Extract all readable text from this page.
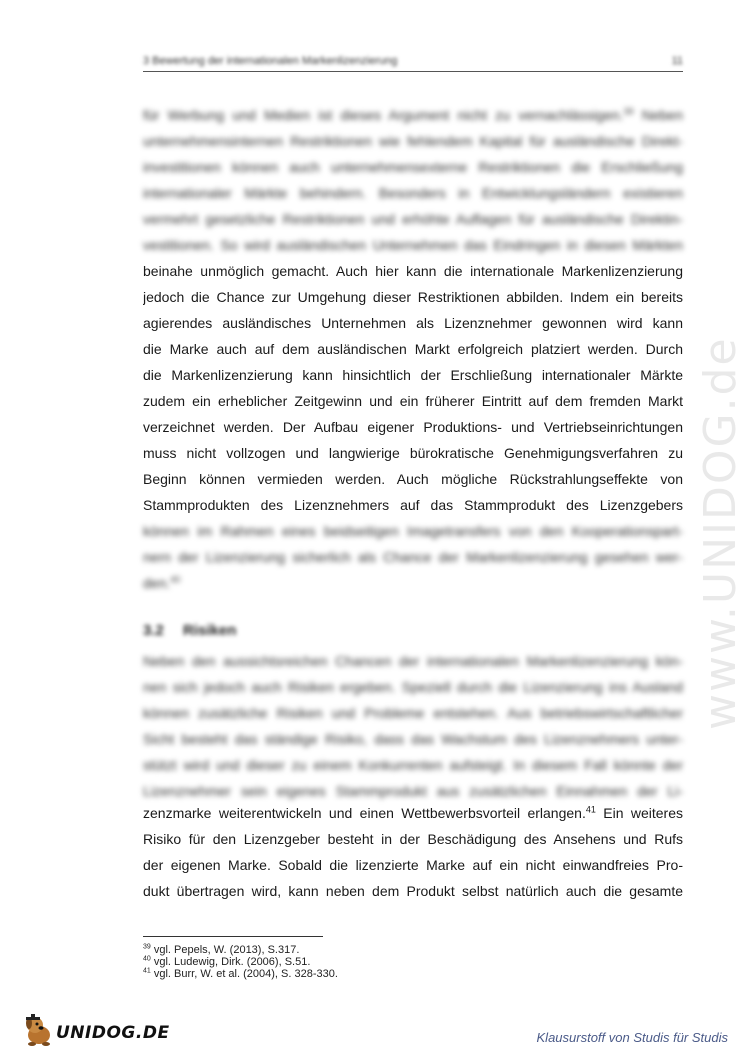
3 Bewertung der internationalen Markenlizenzierung	11
für Werbung und Medien ist dieses Argument nicht zu vernachlässigen.$^{39}$ Neben
unternehmensinternen Restriktionen wie fehlendem Kapital für ausländische Direkt-
investitionen können auch unternehmensexterne Restriktionen die Erschließung
internationaler Märkte behindern. Besonders in Entwicklungsländern existieren
vermehrt gesetzliche Restriktionen und erhöhte Auflagen für ausländische Direktin-
vestitionen. So wird ausländischen Unternehmen das Eindringen in diesen Märkten
beinahe unmöglich gemacht. Auch hier kann die internationale Markenlizenzierung
jedoch die Chance zur Umgehung dieser Restriktionen abbilden. Indem ein bereits
agierendes ausländisches Unternehmen als Lizenznehmer gewonnen wird kann
die Marke auch auf dem ausländischen Markt erfolgreich platziert werden. Durch
die Markenlizenzierung kann hinsichtlich der Erschließung internationaler Märkte
zudem ein erheblicher Zeitgewinn und ein früherer Eintritt auf dem fremden Markt
verzeichnet werden. Der Aufbau eigener Produktions- und Vertriebseinrichtungen
muss nicht vollzogen und langwierige bürokratische Genehmigungsverfahren zu
Beginn können vermieden werden. Auch mögliche Rückstrahlungseffekte von
Stammprodukten des Lizenznehmers auf das Stammprodukt des Lizenzgebers
können im Rahmen eines beidseitigen Imagetransfers von den Kooperationspart-
nern der Lizenzierung sicherlich als Chance der Markenlizenzierung gesehen wer-
den.$^{40}$
3.2 Risiken
Neben den aussichtsreichen Chancen der internationalen Markenlizenzierung kön-
nen sich jedoch auch Risiken ergeben. Speziell durch die Lizenzierung ins Ausland
können zusätzliche Risiken und Probleme entstehen. Aus betriebswirtschaftlicher
Sicht besteht das ständige Risiko, dass das Wachstum des Lizenznehmers unter-
stützt wird und dieser zu einem Konkurrenten aufsteigt. In diesem Fall könnte der
Lizenznehmer sein eigenes Stammprodukt aus zusätzlichen Einnahmen der Li-
zenzmarke weiterentwickeln und einen Wettbewerbsvorteil erlangen.$^{41}$ Ein weiteres
Risiko für den Lizenzgeber besteht in der Beschädigung des Ansehens und Rufs
der eigenen Marke. Sobald die lizenzierte Marke auf ein nicht einwandfreies Pro-
dukt übertragen wird, kann neben dem Produkt selbst natürlich auch die gesamte
$^{39}$ vgl. Pepels, W. (2013), S.317.
$^{40}$ vgl. Ludewig, Dirk. (2006), S.51.
$^{41}$ vgl. Burr, W. et al. (2004), S. 328-330.
www.UNIDOG.de
UNIDOG.DE	Klausurstoff von Studis für Studis
